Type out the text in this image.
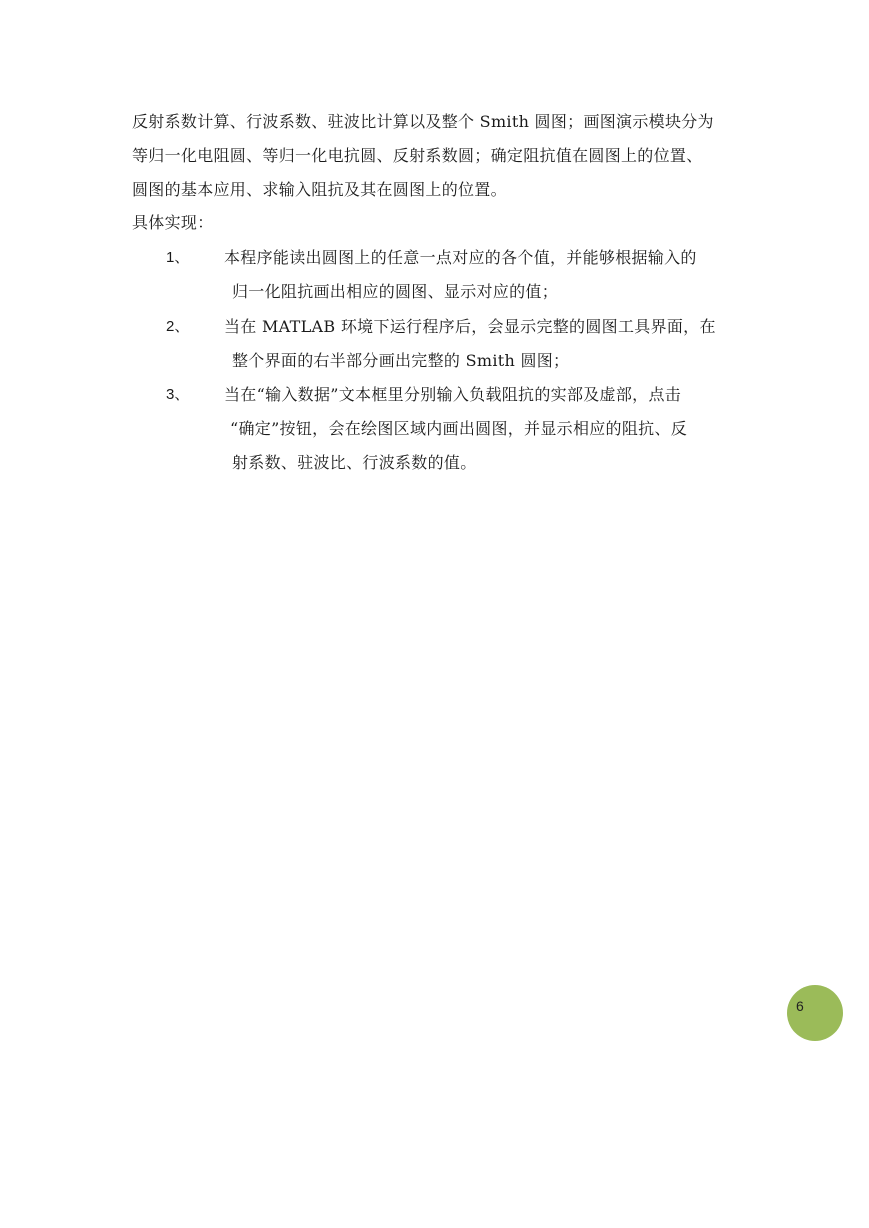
反射系数计算、行波系数、驻波比计算以及整个 Smith 圆图；画图演示模块分为
等归一化电阻圆、等归一化电抗圆、反射系数圆；确定阻抗值在圆图上的位置、
圆图的基本应用、求输入阻抗及其在圆图上的位置。
具体实现：
1、 本程序能读出圆图上的任意一点对应的各个值，并能够根据输入的
归一化阻抗画出相应的圆图、显示对应的值；
2、 当在 MATLAB 环境下运行程序后，会显示完整的圆图工具界面，在
整个界面的右半部分画出完整的 Smith 圆图；
3、 当在“输入数据”文本框里分别输入负载阻抗的实部及虚部，点击
“确定”按钮，会在绘图区域内画出圆图，并显示相应的阻抗、反
射系数、驻波比、行波系数的值。
6
